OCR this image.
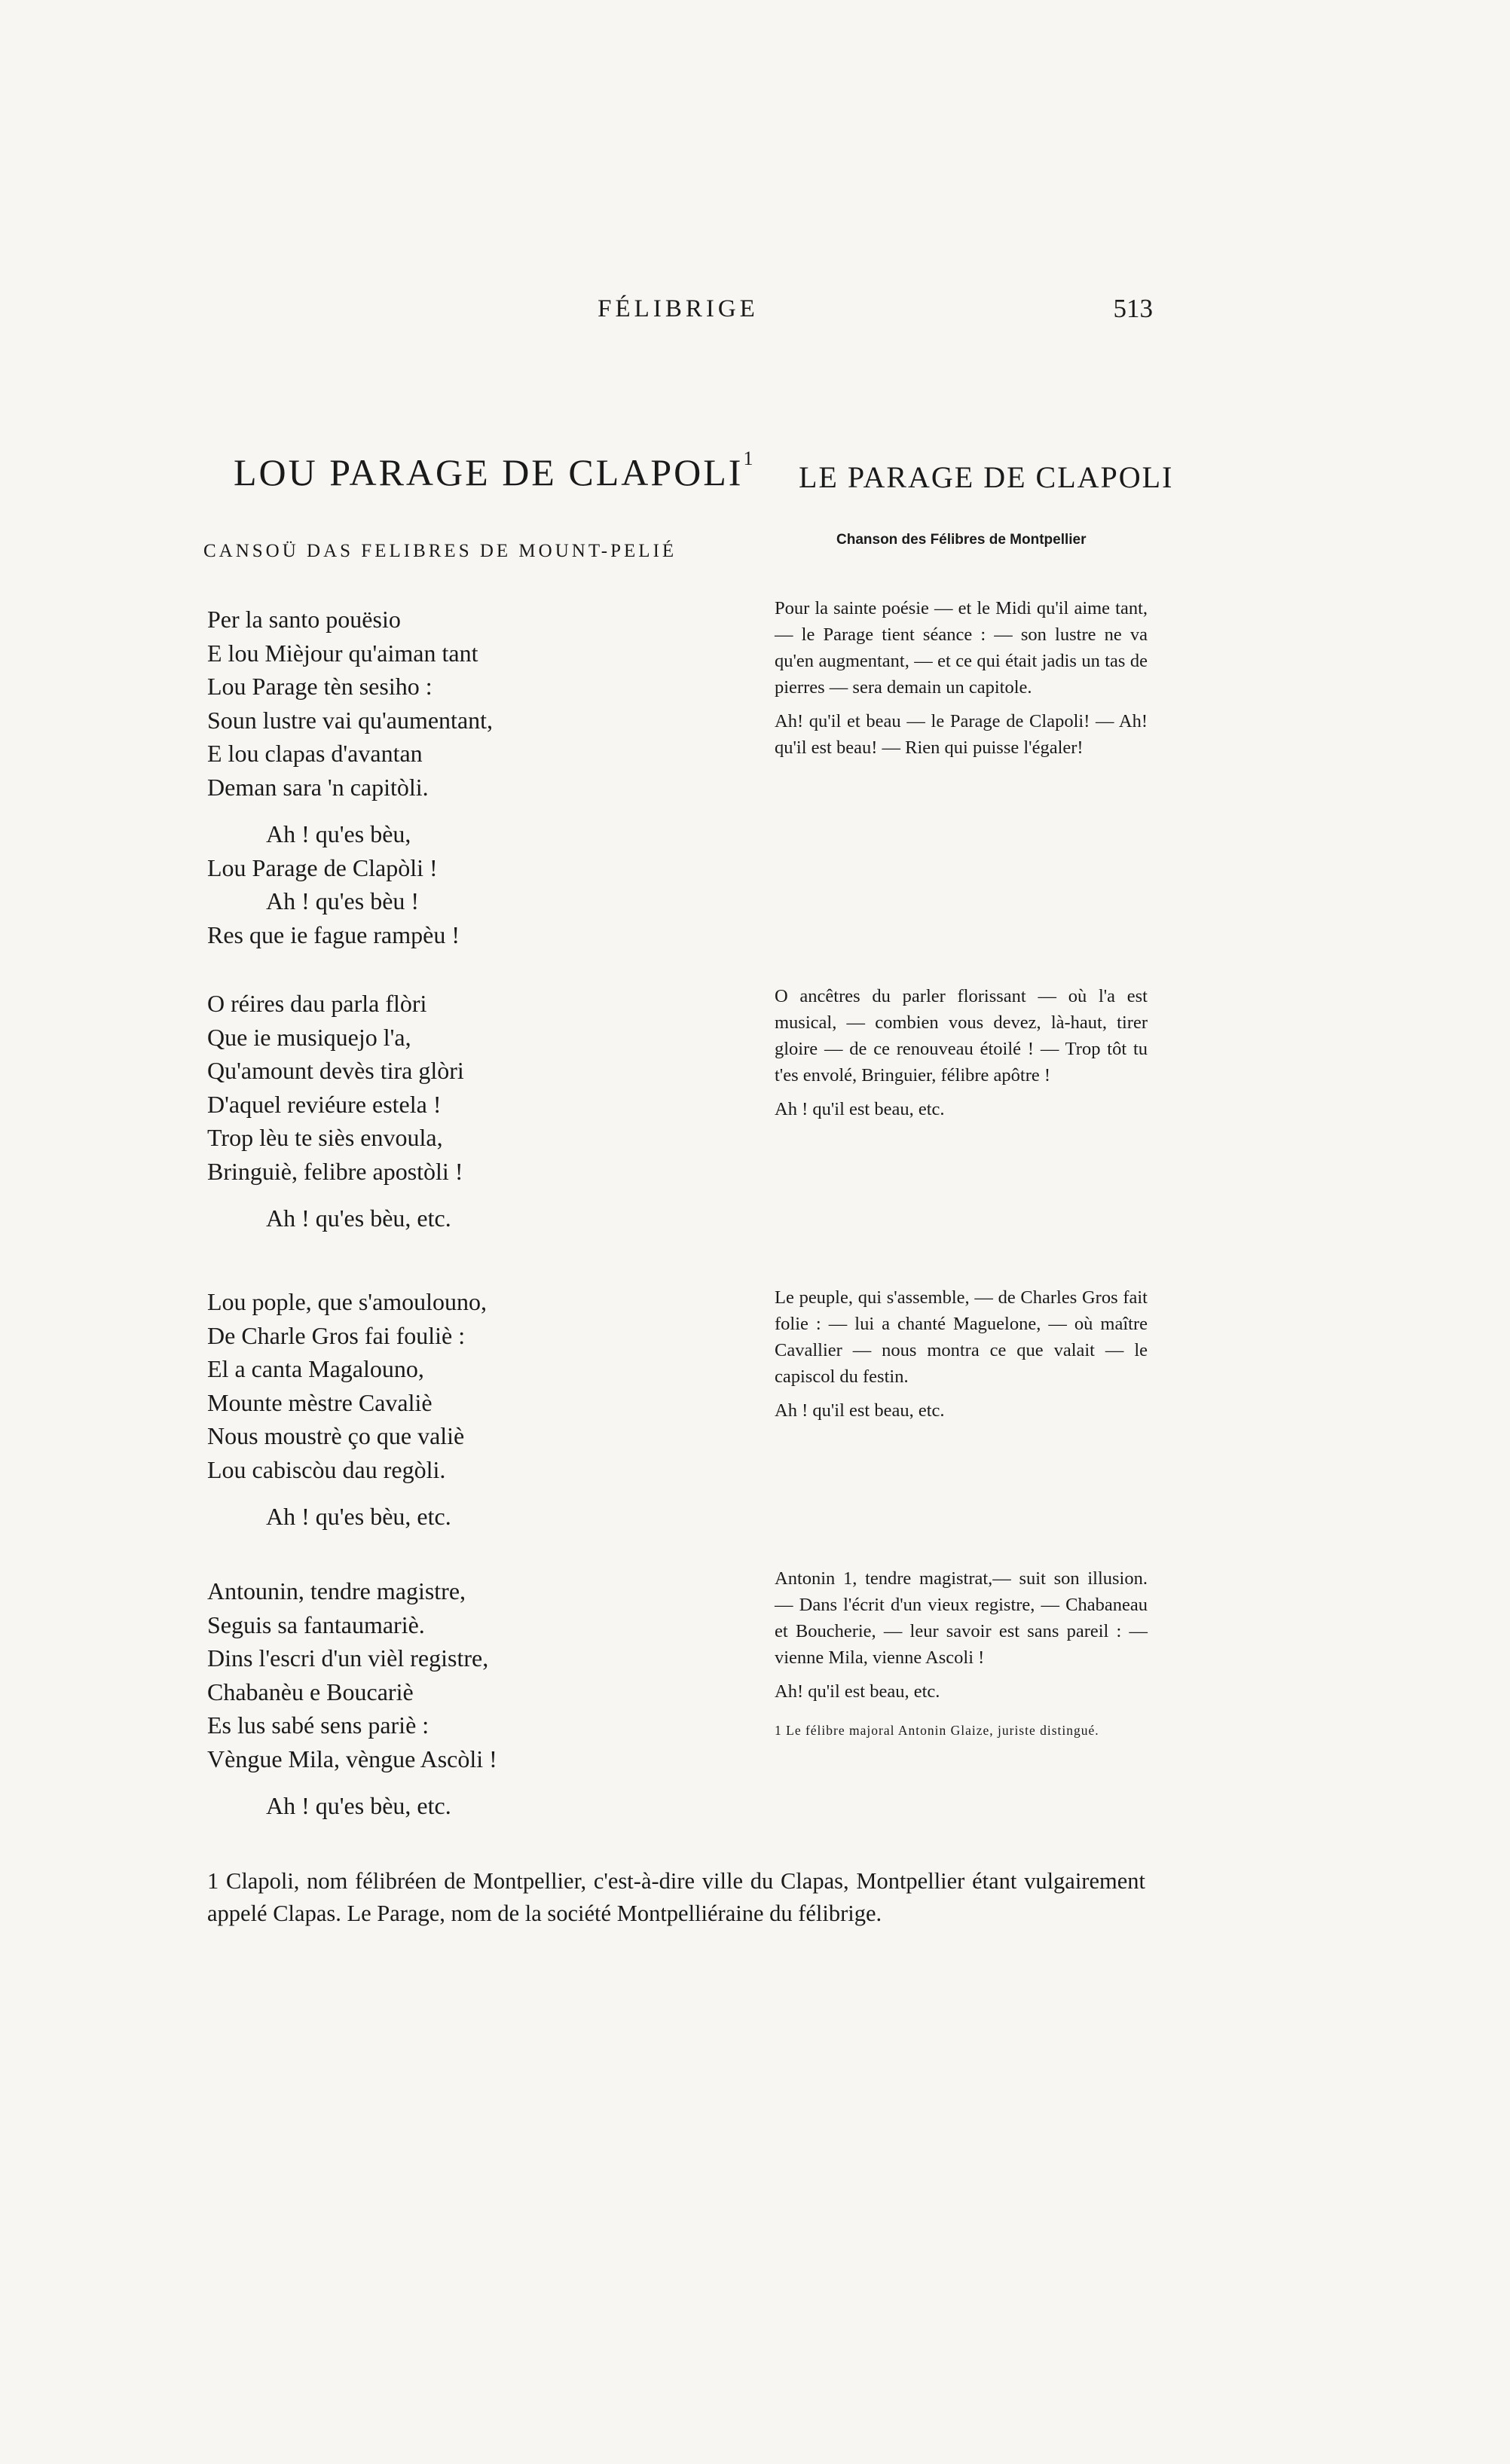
FÉLIBRIGE	513
LOU PARAGE DE CLAPOLI$^1$
CANSOÜ DAS FELIBRES DE MOUNT-PELIÉ
LE PARAGE DE CLAPOLI
Chanson des Félibres de Montpellier
Per la santo pouësio
E lou Mièjour qu'aiman tant
Lou Parage tèn sesiho :
Soun lustre vai qu'aumentant,
E lou clapas d'avantan
Deman sara 'n capitòli.
Ah ! qu'es bèu,
Lou Parage de Clapòli !
Ah ! qu'es bèu !
Res que ie fague rampèu !
O réires dau parla flòri
Que ie musiquejo l'a,
Qu'amount devès tira glòri
D'aquel reviéure estela !
Trop lèu te siès envoula,
Bringuiè, felibre apostòli !
Ah ! qu'es bèu, etc.
Lou pople, que s'amoulouno,
De Charle Gros fai fouliè :
El a canta Magalouno,
Mounte mèstre Cavaliè
Nous moustrè ço que valiè
Lou cabiscòu dau regòli.
Ah ! qu'es bèu, etc.
Antounin, tendre magistre,
Seguis sa fantaumariè.
Dins l'escri d'un vièl registre,
Chabanèu e Boucariè
Es lus sabé sens pariè :
Vèngue Mila, vèngue Ascòli !
Ah ! qu'es bèu, etc.

Pour la sainte poésie — et le Midi qu'il aime tant, — le Parage tient séance : — son lustre ne va qu'en augmentant, — et ce qui était jadis un tas de pierres — sera demain un capitole.

Ah! qu'il et beau — le Parage de Clapoli! — Ah! qu'il est beau! — Rien qui puisse l'égaler!

O ancêtres du parler florissant — où l'a est musical, — combien vous devez, là-haut, tirer gloire — de ce renouveau étoilé ! — Trop tôt tu t'es envolé, Bringuier, félibre apôtre !

Ah ! qu'il est beau, etc.

Le peuple, qui s'assemble, — de Charles Gros fait folie : — lui a chanté Maguelone, — où maître Cavallier — nous montra ce que valait — le capiscol du festin.

Ah ! qu'il est beau, etc.

Antonin 1, tendre magistrat,— suit son illusion. — Dans l'écrit d'un vieux registre, — Chabaneau et Boucherie, — leur savoir est sans pareil : — vienne Mila, vienne Ascoli !

Ah! qu'il est beau, etc.

1 Le félibre majoral Antonin Glaize, juriste distingué.

1 Clapoli, nom félibréen de Montpellier, c'est-à-dire ville du Clapas, Montpellier étant vulgairement appelé Clapas. Le Parage, nom de la société Montpelliéraine du félibrige.
